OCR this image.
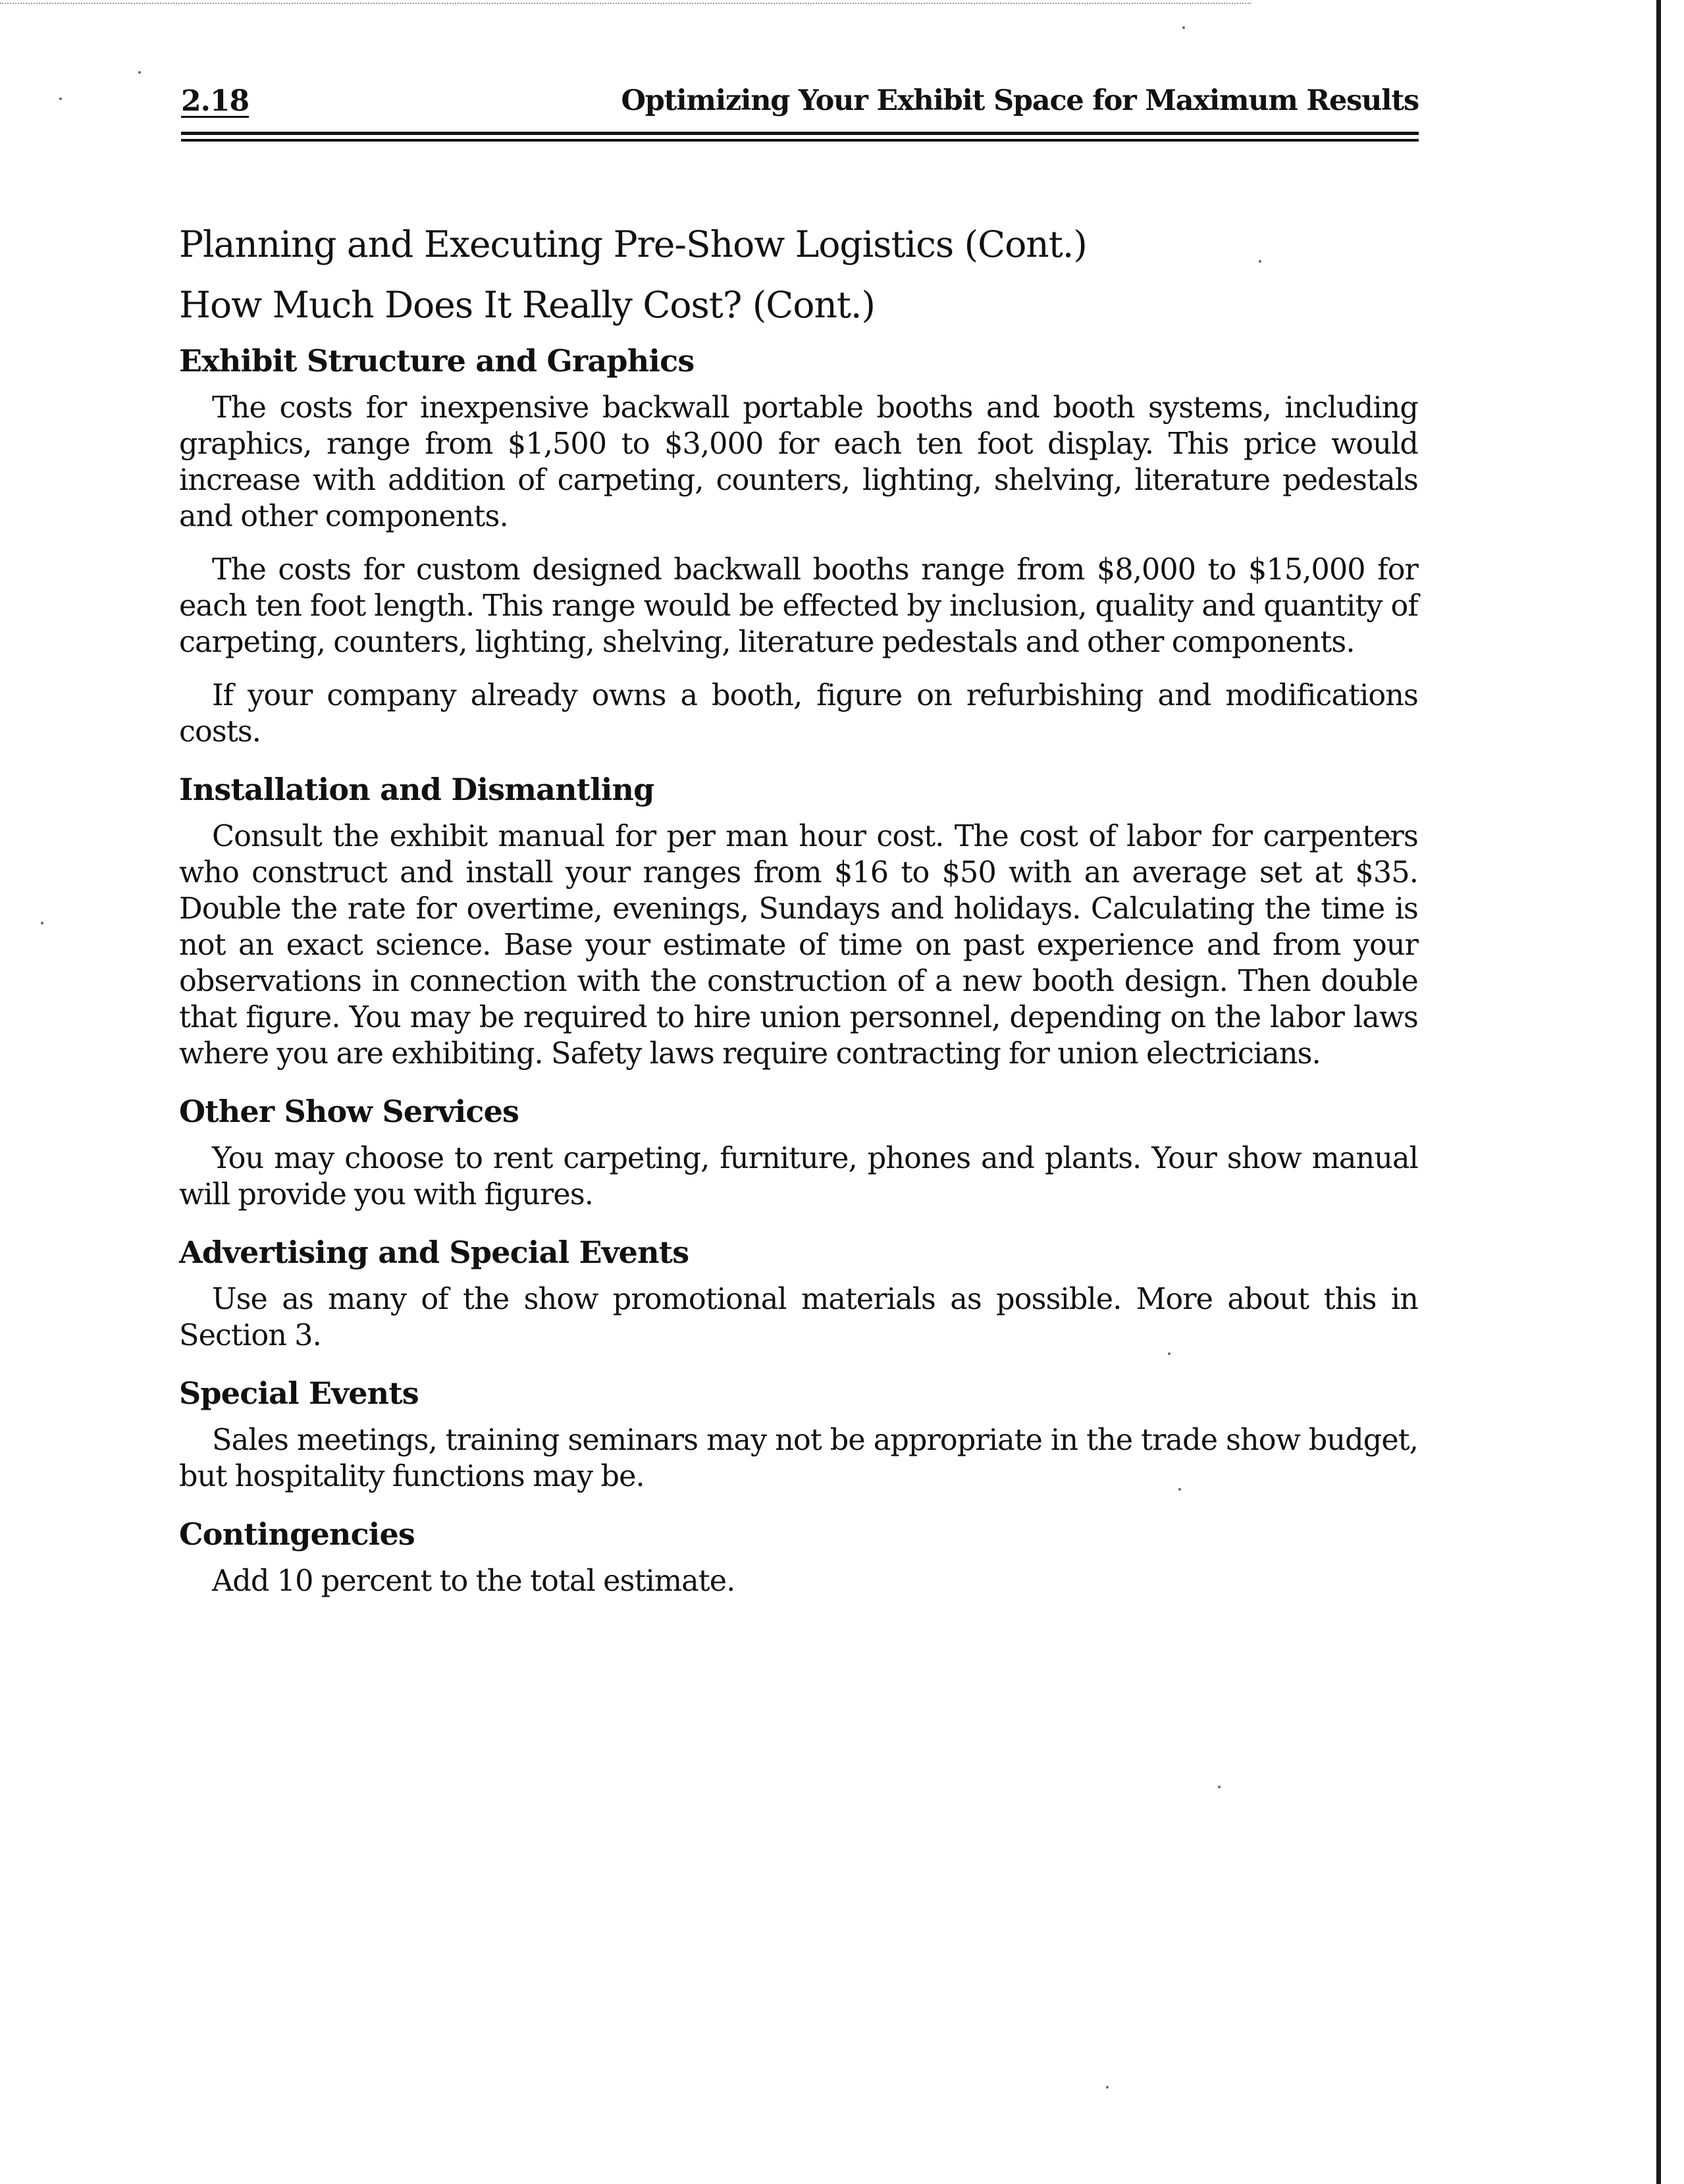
2.18	Optimizing Your Exhibit Space for Maximum Results
Planning and Executing Pre-Show Logistics (Cont.)
How Much Does It Really Cost? (Cont.)
Exhibit Structure and Graphics

The costs for inexpensive backwall portable booths and booth systems, including graphics, range from $1,500 to $3,000 for each ten foot display. This price would increase with addition of carpeting, counters, lighting, shelving, literature pedestals and other components.

The costs for custom designed backwall booths range from $8,000 to $15,000 for each ten foot length. This range would be effected by inclusion, quality and quantity of carpeting, counters, lighting, shelving, literature pedestals and other components.

If your company already owns a booth, figure on refurbishing and modifications costs.

Installation and Dismantling

Consult the exhibit manual for per man hour cost. The cost of labor for carpenters who construct and install your ranges from $16 to $50 with an average set at $35. Double the rate for overtime, evenings, Sundays and holidays. Calculating the time is not an exact science. Base your estimate of time on past experience and from your observations in connection with the construction of a new booth design. Then double that figure. You may be required to hire union personnel, depending on the labor laws where you are exhibiting. Safety laws require contracting for union electricians.

Other Show Services

You may choose to rent carpeting, furniture, phones and plants. Your show manual will provide you with figures.

Advertising and Special Events

Use as many of the show promotional materials as possible. More about this in Section 3.

Special Events

Sales meetings, training seminars may not be appropriate in the trade show budget, but hospitality functions may be.

Contingencies

Add 10 percent to the total estimate.
